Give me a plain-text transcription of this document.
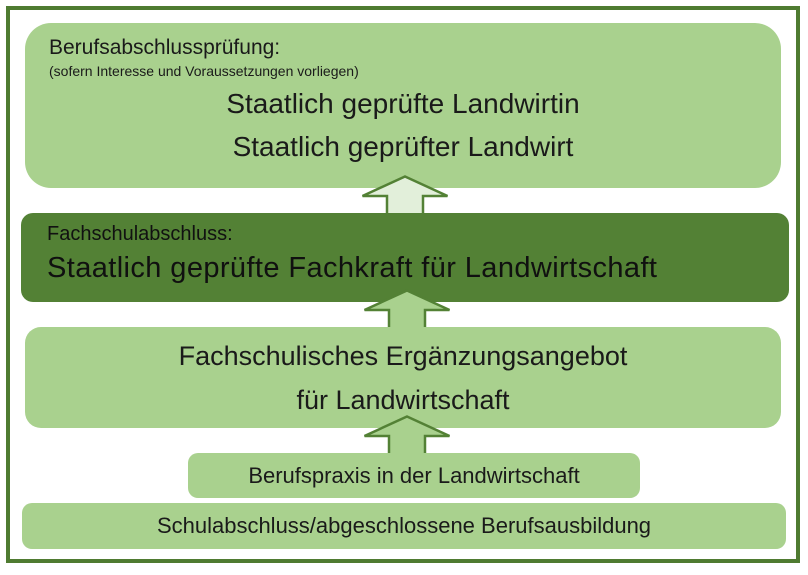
Berufsabschlussprüfung:
(sofern Interesse und Voraussetzungen vorliegen)
Staatlich geprüfte Landwirtin
Staatlich geprüfter Landwirt
Fachschulabschluss:
Staatlich geprüfte Fachkraft für Landwirtschaft
Fachschulisches Ergänzungsangebot
für Landwirtschaft
Berufspraxis in der Landwirtschaft
Schulabschluss/abgeschlossene Berufsausbildung
